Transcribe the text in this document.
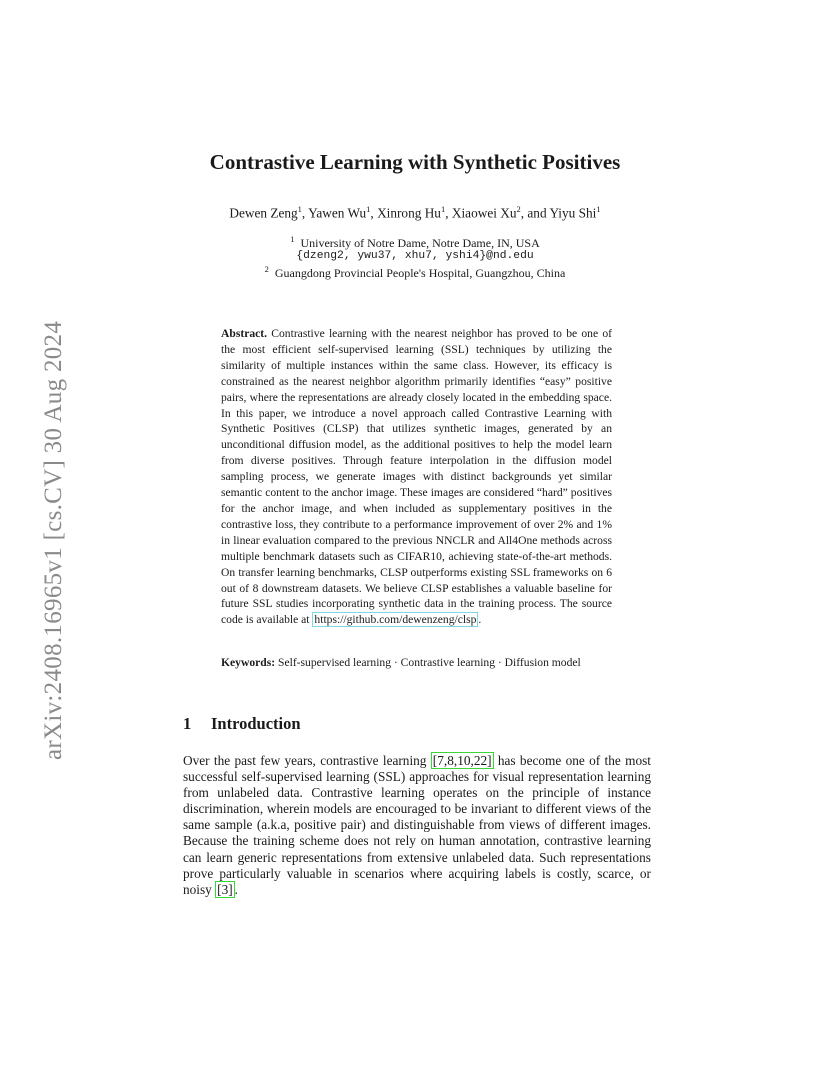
arXiv:2408.16965v1 [cs.CV] 30 Aug 2024
Contrastive Learning with Synthetic Positives
Dewen Zeng$^1$, Yawen Wu$^1$, Xinrong Hu$^1$, Xiaowei Xu$^2$, and Yiyu Shi$^1$
$^1$ University of Notre Dame, Notre Dame, IN, USA
{dzeng2, ywu37, xhu7, yshi4}@nd.edu
$^2$ Guangdong Provincial People's Hospital, Guangzhou, China

Abstract. Contrastive learning with the nearest neighbor has proved to be one of the most efficient self-supervised learning (SSL) techniques by utilizing the similarity of multiple instances within the same class. However, its efficacy is constrained as the nearest neighbor algorithm primarily identifies “easy” positive pairs, where the representations are already closely located in the embedding space. In this paper, we introduce a novel approach called Contrastive Learning with Synthetic Positives (CLSP) that utilizes synthetic images, generated by an unconditional diffusion model, as the additional positives to help the model learn from diverse positives. Through feature interpolation in the diffusion model sampling process, we generate images with distinct backgrounds yet similar semantic content to the anchor image. These images are considered “hard” positives for the anchor image, and when included as supplementary positives in the contrastive loss, they contribute to a performance improvement of over 2% and 1% in linear evaluation compared to the previous NNCLR and All4One methods across multiple benchmark datasets such as CIFAR10, achieving state-of-the-art methods. On transfer learning benchmarks, CLSP outperforms existing SSL frameworks on 6 out of 8 downstream datasets. We believe CLSP establishes a valuable baseline for future SSL studies incorporating synthetic data in the training process. The source code is available at https://github.com/dewenzeng/clsp .

Keywords: Self-supervised learning · Contrastive learning · Diffusion model
1 Introduction

Over the past few years, contrastive learning [7,8,10,22] has become one of the most successful self-supervised learning (SSL) approaches for visual representation learning from unlabeled data. Contrastive learning operates on the principle of instance discrimination, wherein models are encouraged to be invariant to different views of the same sample (a.k.a, positive pair) and distinguishable from views of different images. Because the training scheme does not rely on human annotation, contrastive learning can learn generic representations from extensive unlabeled data. Such representations prove particularly valuable in scenarios where acquiring labels is costly, scarce, or noisy [3] .
